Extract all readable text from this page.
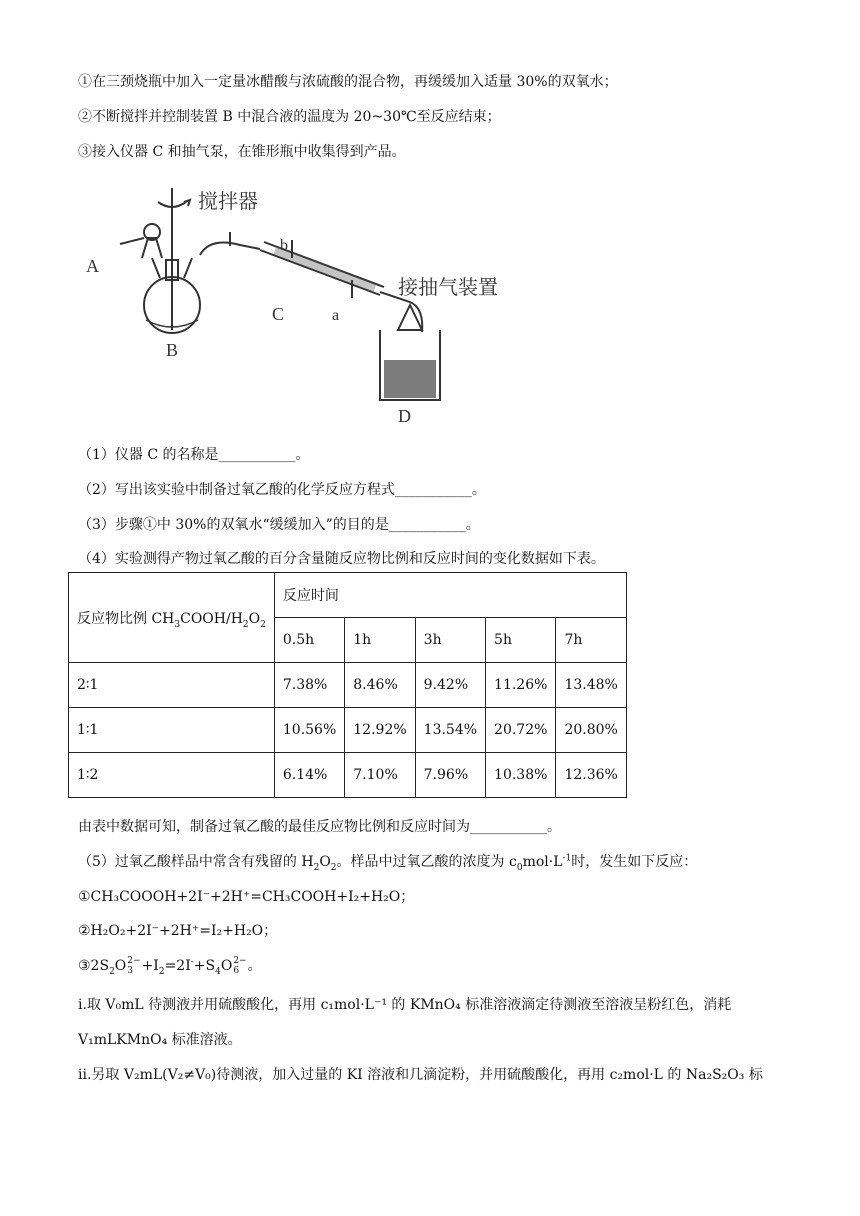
①在三颈烧瓶中加入一定量冰醋酸与浓硫酸的混合物，再缓缓加入适量 30%的双氧水；
②不断搅拌并控制装置 B 中混合液的温度为 20~30℃至反应结束；
③接入仪器 C 和抽气泵，在锥形瓶中收集得到产品。
搅拌器
A
B
b
C	a
接抽气装置
D
（1）仪器 C 的名称是___________。
（2）写出该实验中制备过氧乙酸的化学反应方程式___________。
（3）步骤①中 30%的双氧水“缓缓加入”的目的是___________。
（4）实验测得产物过氧乙酸的百分含量随反应物比例和反应时间的变化数据如下表。
反应物比例 $CH_3COOH/H_2O_2$	反应时间				
	0.5h	1h	3h	5h	7h
2∶1	7.38%	8.46%	9.42%	11.26%	13.48%
1∶1	10.56%	12.92%	13.54%	20.72%	20.80%
1∶2	6.14%	7.10%	7.96%	10.38%	12.36%
由表中数据可知，制备过氧乙酸的最佳反应物比例和反应时间为___________。
（5）过氧乙酸样品中常含有残留的 $H_2O_2$。样品中过氧乙酸的浓度为 $c_0mol\cdot L^{-1}$时，发生如下反应：
①CH₃COOOH+2I⁻+2H⁺=CH₃COOH+I₂+H₂O；
②H₂O₂+2I⁻+2H⁺=I₂+H₂O；
$③2S_2O$ 2−
$3 +I_2=2I^-+S_4O$ 2−
6 。
i.取 V₀mL 待测液并用硫酸酸化，再用 c₁mol·L⁻¹ 的 KMnO₄ 标准溶液滴定待测液至溶液呈粉红色，消耗
V₁mLKMnO₄ 标准溶液。
ii.另取 V₂mL(V₂≠V₀)待测液，加入过量的 KI 溶液和几滴淀粉，并用硫酸酸化，再用 c₂mol·L 的 Na₂S₂O₃ 标
